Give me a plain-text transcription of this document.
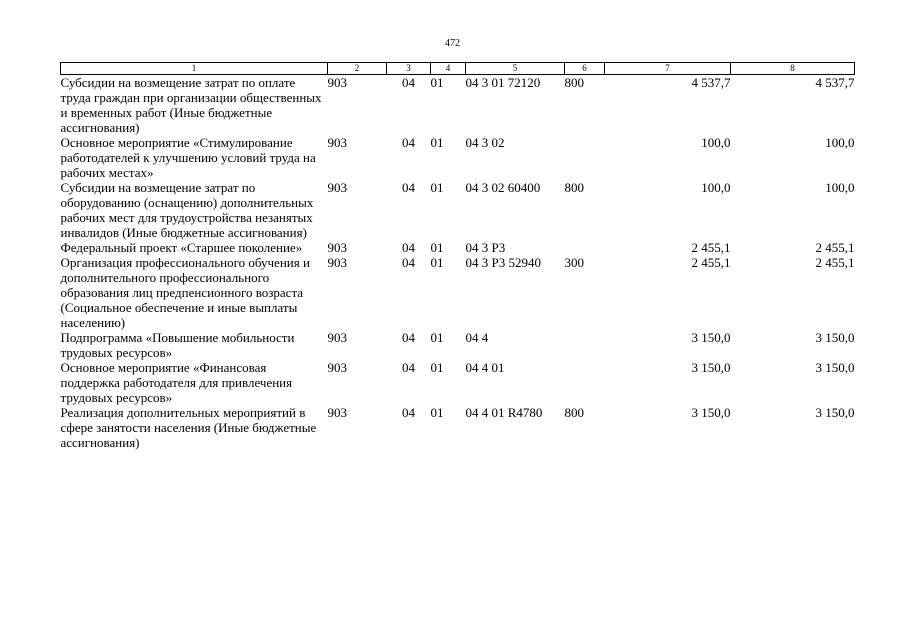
472
1	2	3	4	5	6	7	8
Субсидии на возмещение затрат по оплате труда граждан при организации общественных и временных работ (Иные бюджетные ассигнования)	903	04	01	04 3 01 72120	800	4 537,7	4 537,7
Основное мероприятие «Стимулирование работодателей к улучшению условий труда на рабочих местах»	903	04	01	04 3 02		100,0	100,0
Субсидии на возмещение затрат по оборудованию (оснащению) дополнительных рабочих мест для трудоустройства незанятых инвалидов (Иные бюджетные ассигнования)	903	04	01	04 3 02 60400	800	100,0	100,0
Федеральный проект «Старшее поколение»	903	04	01	04 3 P3		2 455,1	2 455,1
Организация профессионального обучения и дополнительного профессионального образования лиц предпенсионного возраста (Социальное обеспечение и иные выплаты населению)	903	04	01	04 3 P3 52940	300	2 455,1	2 455,1
Подпрограмма «Повышение мобильности трудовых ресурсов»	903	04	01	04 4		3 150,0	3 150,0
Основное мероприятие «Финансовая поддержка работодателя для привлечения трудовых ресурсов»	903	04	01	04 4 01		3 150,0	3 150,0
Реализация дополнительных мероприятий в сфере занятости населения (Иные бюджетные ассигнования)	903	04	01	04 4 01 R4780	800	3 150,0	3 150,0
